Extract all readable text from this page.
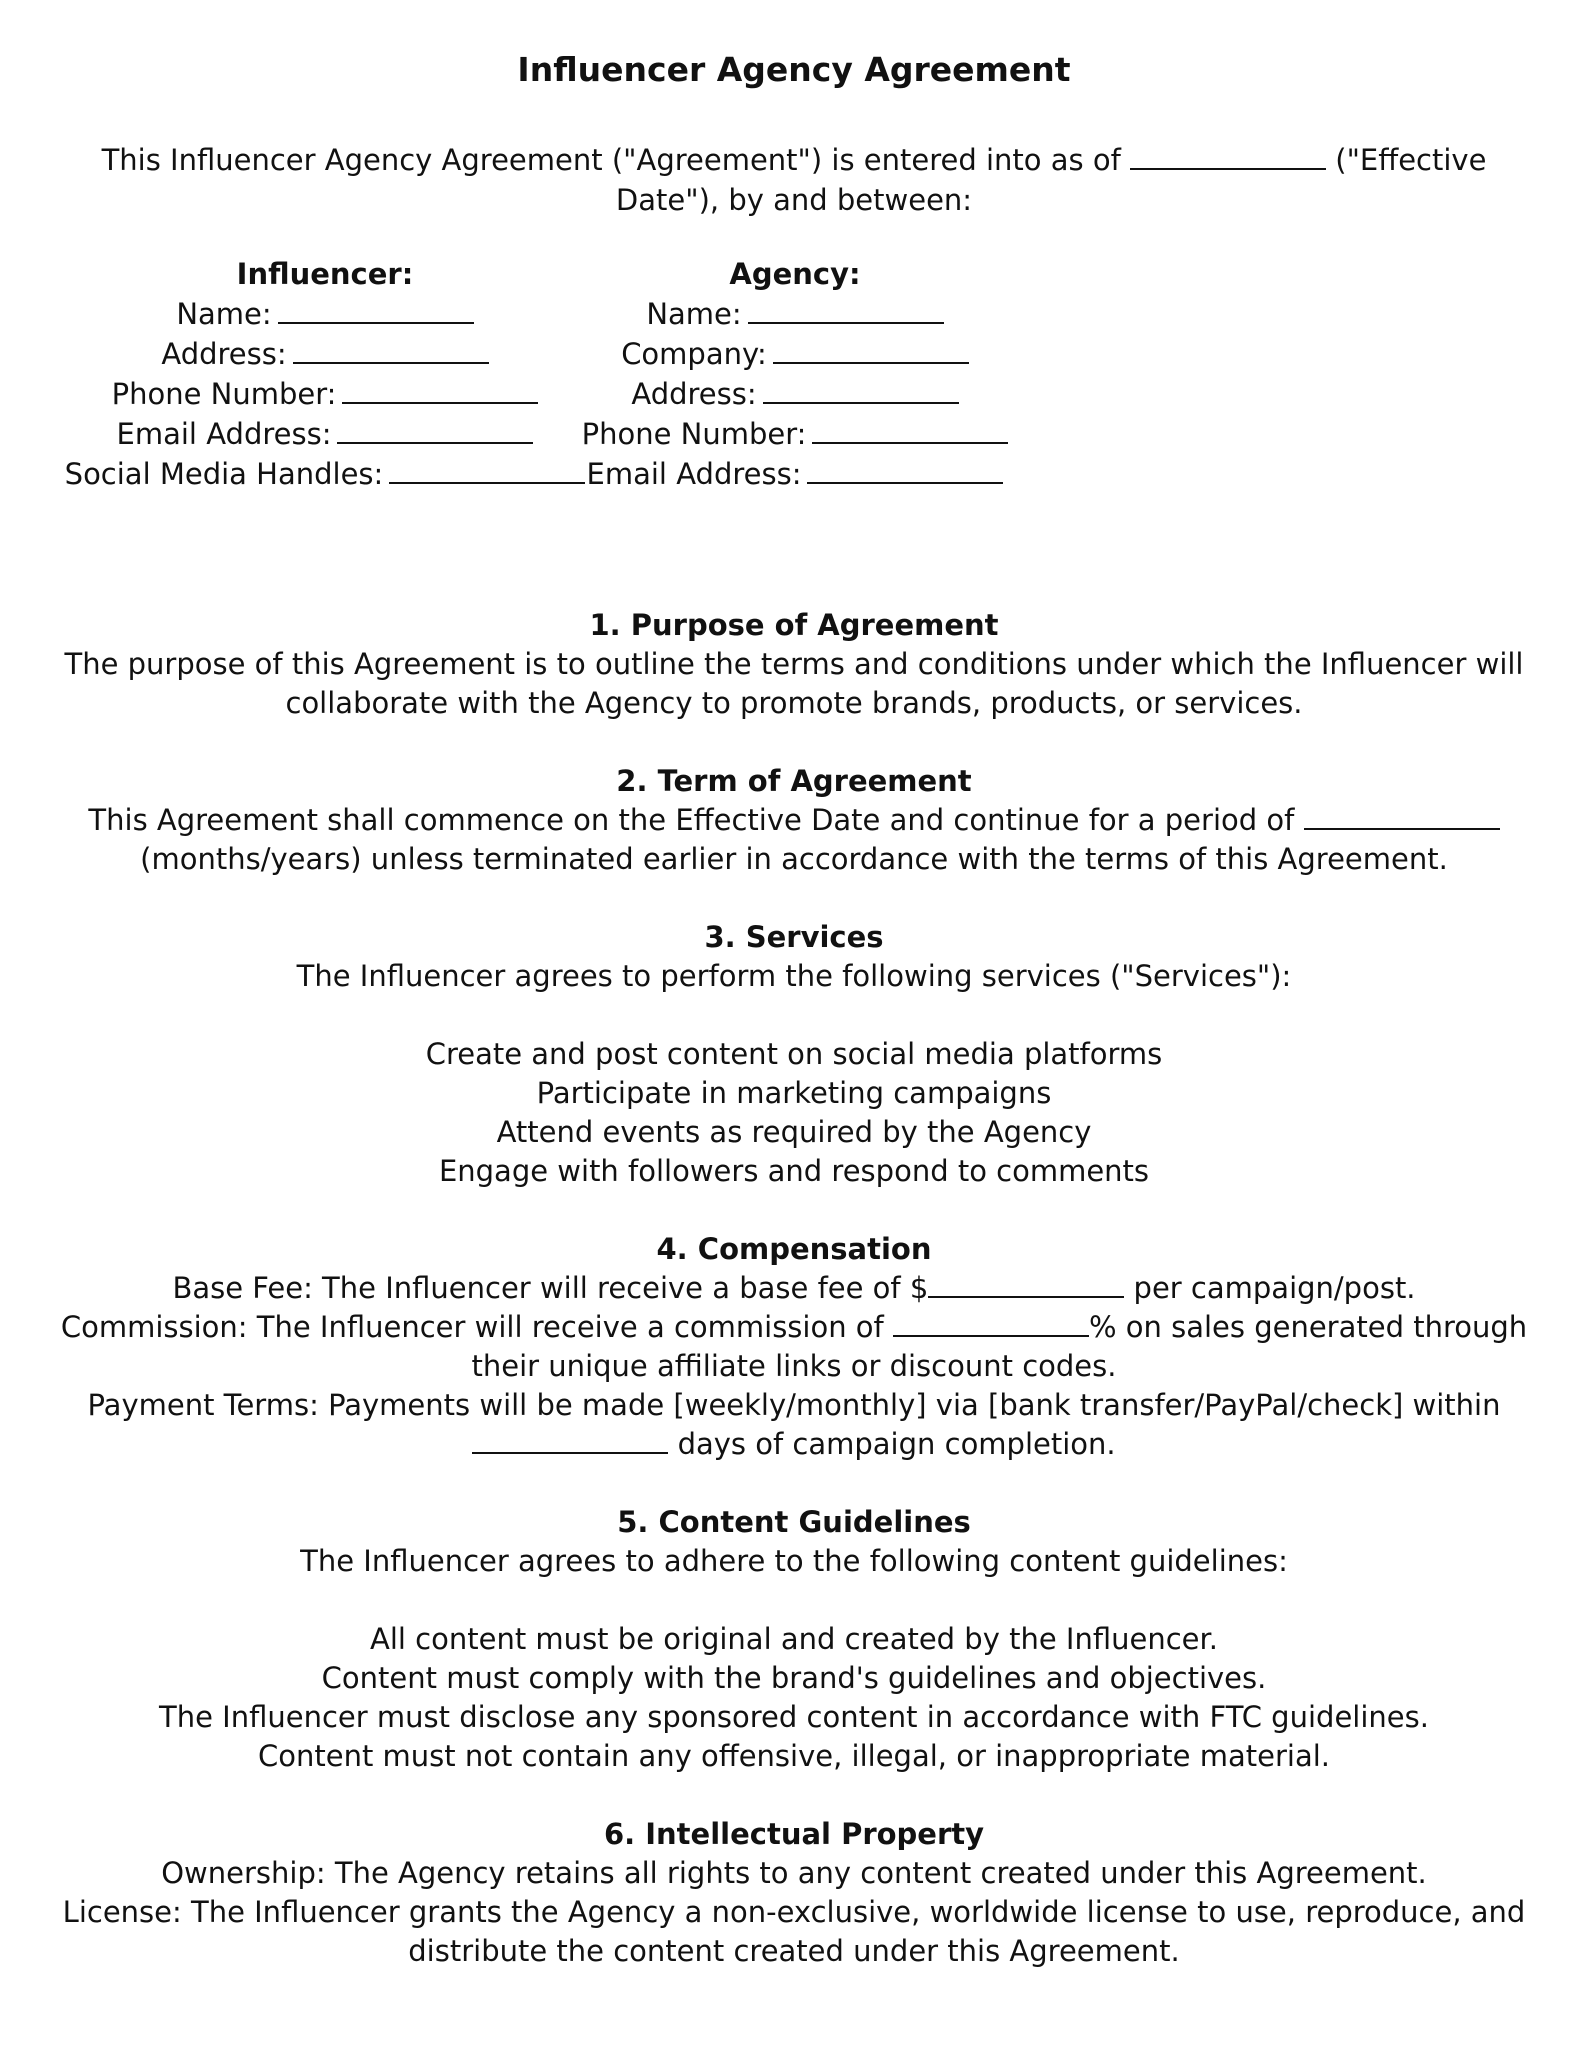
Influencer Agency Agreement
This Influencer Agency Agreement ("Agreement") is entered into as of	("Effective Date"), by and between:
Influencer:
Name:
Address:
Phone Number:
Email Address:
Social Media Handles:
Agency:
Name:
Company:
Address:
Phone Number:
Email Address:
1. Purpose of Agreement
The purpose of this Agreement is to outline the terms and conditions under which the Influencer will collaborate with the Agency to promote brands, products, or services.
2. Term of Agreement
This Agreement shall commence on the Effective Date and continue for a period of  (months/years) unless terminated earlier in accordance with the terms of this Agreement.
3. Services
The Influencer agrees to perform the following services ("Services"):
Create and post content on social media platforms
Participate in marketing campaigns
Attend events as required by the Agency
Engage with followers and respond to comments
4. Compensation
Base Fee: The Influencer will receive a base fee of $	per campaign/post.
Commission: The Influencer will receive a commission of	% on sales generated through their unique affiliate links or discount codes.
Payment Terms: Payments will be made [weekly/monthly] via [bank transfer/PayPal/check] within  days of campaign completion.
5. Content Guidelines
The Influencer agrees to adhere to the following content guidelines:
All content must be original and created by the Influencer.
Content must comply with the brand's guidelines and objectives.
The Influencer must disclose any sponsored content in accordance with FTC guidelines.
Content must not contain any offensive, illegal, or inappropriate material.
6. Intellectual Property
Ownership: The Agency retains all rights to any content created under this Agreement.
License: The Influencer grants the Agency a non-exclusive, worldwide license to use, reproduce, and distribute the content created under this Agreement.
